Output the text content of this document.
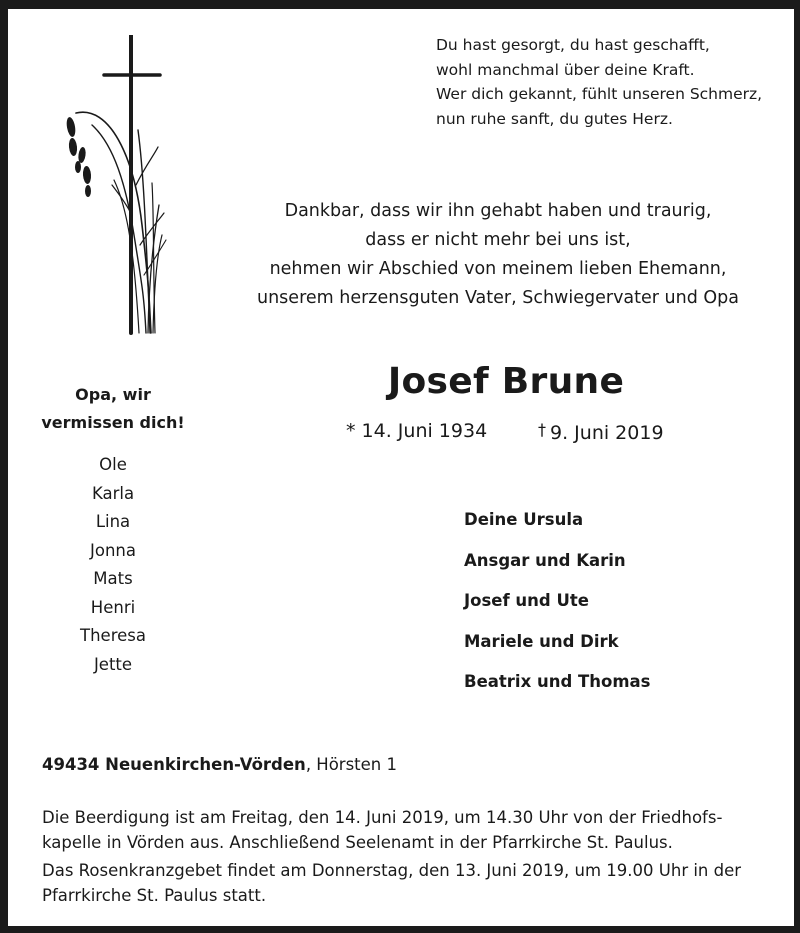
Du hast gesorgt, du hast geschafft,
wohl manchmal über deine Kraft.
Wer dich gekannt, fühlt unseren Schmerz,
nun ruhe sanft, du gutes Herz.
Dankbar, dass wir ihn gehabt haben und traurig,
dass er nicht mehr bei uns ist,
nehmen wir Abschied von meinem lieben Ehemann,
unserem herzensguten Vater, Schwiegervater und Opa
Josef Brune
* 14. Juni 1934	† 9. Juni 2019
Opa, wir
vermissen dich!
Ole
Karla
Lina
Jonna
Mats
Henri
Theresa
Jette
Deine Ursula
Ansgar und Karin
Josef und Ute
Mariele und Dirk
Beatrix und Thomas
49434 Neuenkirchen-Vörden, Hörsten 1
Die Beerdigung ist am Freitag, den 14. Juni 2019, um 14.30 Uhr von der Friedhofs-
kapelle in Vörden aus. Anschließend Seelenamt in der Pfarrkirche St. Paulus.
Das Rosenkranzgebet findet am Donnerstag, den 13. Juni 2019, um 19.00 Uhr in der
Pfarrkirche St. Paulus statt.
